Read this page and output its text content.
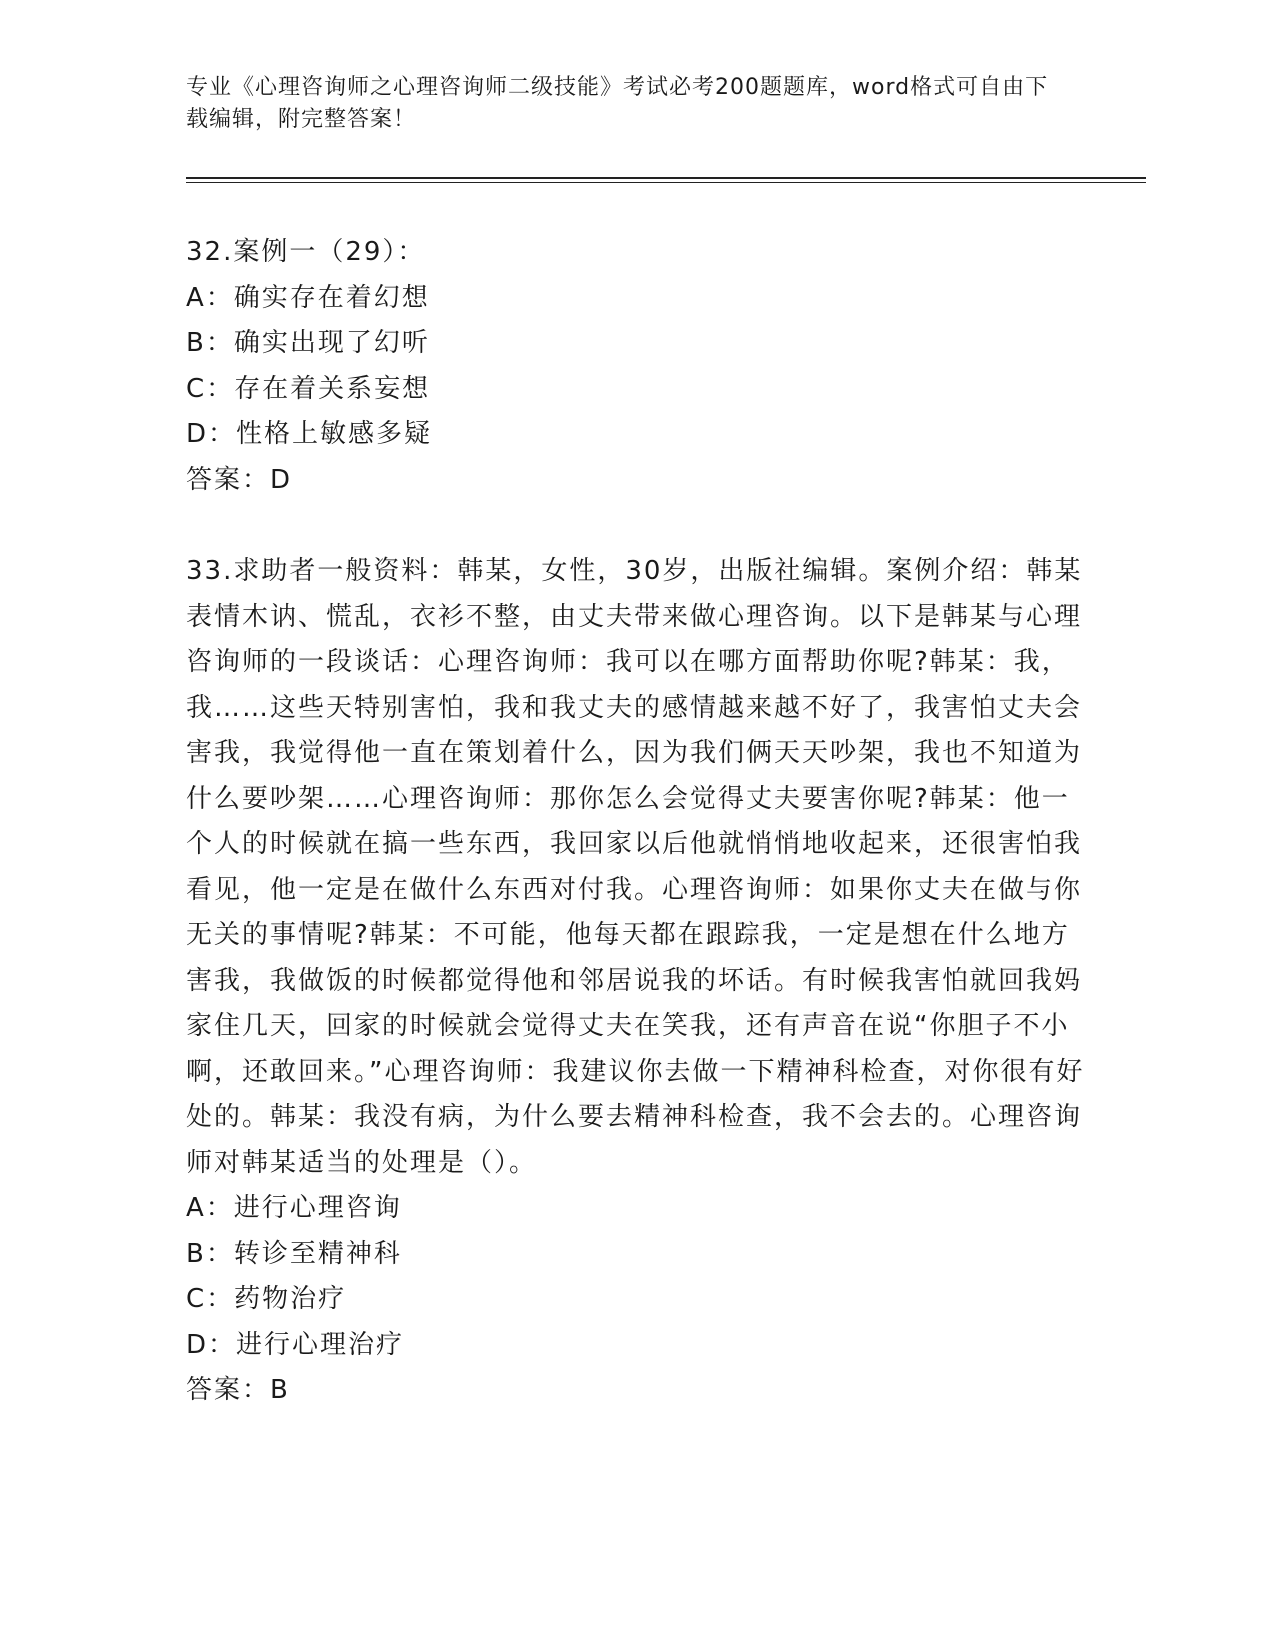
专业《心理咨询师之心理咨询师二级技能》考试必考200题题库，word格式可自由下载编辑，附完整答案！
32.案例一（29）：
A：确实存在着幻想
B：确实出现了幻听
C：存在着关系妄想
D：性格上敏感多疑
答案：D
33.求助者一般资料：韩某，女性，30岁，出版社编辑。案例介绍：韩某表情木讷、慌乱，衣衫不整，由丈夫带来做心理咨询。以下是韩某与心理咨询师的一段谈话：心理咨询师：我可以在哪方面帮助你呢?韩某：我，我……这些天特别害怕，我和我丈夫的感情越来越不好了，我害怕丈夫会害我，我觉得他一直在策划着什么，因为我们俩天天吵架，我也不知道为什么要吵架……心理咨询师：那你怎么会觉得丈夫要害你呢?韩某：他一个人的时候就在搞一些东西，我回家以后他就悄悄地收起来，还很害怕我看见，他一定是在做什么东西对付我。心理咨询师：如果你丈夫在做与你无关的事情呢?韩某：不可能，他每天都在跟踪我，一定是想在什么地方害我，我做饭的时候都觉得他和邻居说我的坏话。有时候我害怕就回我妈家住几天，回家的时候就会觉得丈夫在笑我，还有声音在说“你胆子不小啊，还敢回来。”心理咨询师：我建议你去做一下精神科检查，对你很有好处的。韩某：我没有病，为什么要去精神科检查，我不会去的。心理咨询师对韩某适当的处理是（）。
A：进行心理咨询
B：转诊至精神科
C：药物治疗
D：进行心理治疗
答案：B
